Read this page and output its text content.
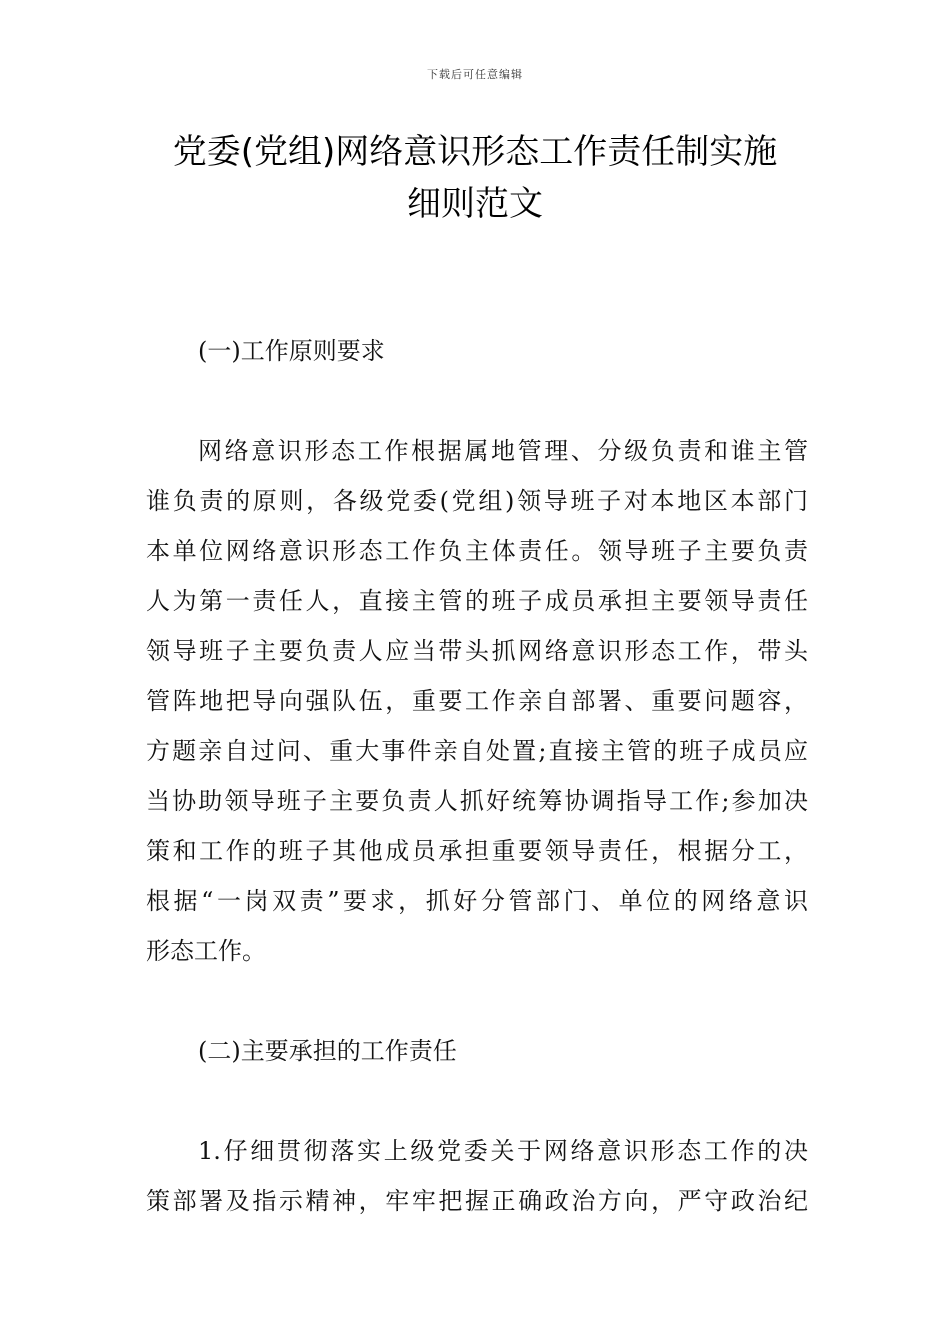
下载后可任意编辑
党委(党组)网络意识形态工作责任制实施
细则范文
(一)工作原则要求

网络意识形态工作根据属地管理、分级负责和谁主管
谁负责的原则，各级党委(党组)领导班子对本地区本部门
本单位网络意识形态工作负主体责任。领导班子主要负责
人为第一责任人，直接主管的班子成员承担主要领导责任
领导班子主要负责人应当带头抓网络意识形态工作，带头
管阵地把导向强队伍，重要工作亲自部署、重要问题容，
方题亲自过问、重大事件亲自处置;直接主管的班子成员应
当协助领导班子主要负责人抓好统筹协调指导工作;参加决
策和工作的班子其他成员承担重要领导责任，根据分工，
根据“一岗双责”要求，抓好分管部门、单位的网络意识
形态工作。

(二)主要承担的工作责任

1.仔细贯彻落实上级党委关于网络意识形态工作的决
策部署及指示精神，牢牢把握正确政治方向，严守政治纪
